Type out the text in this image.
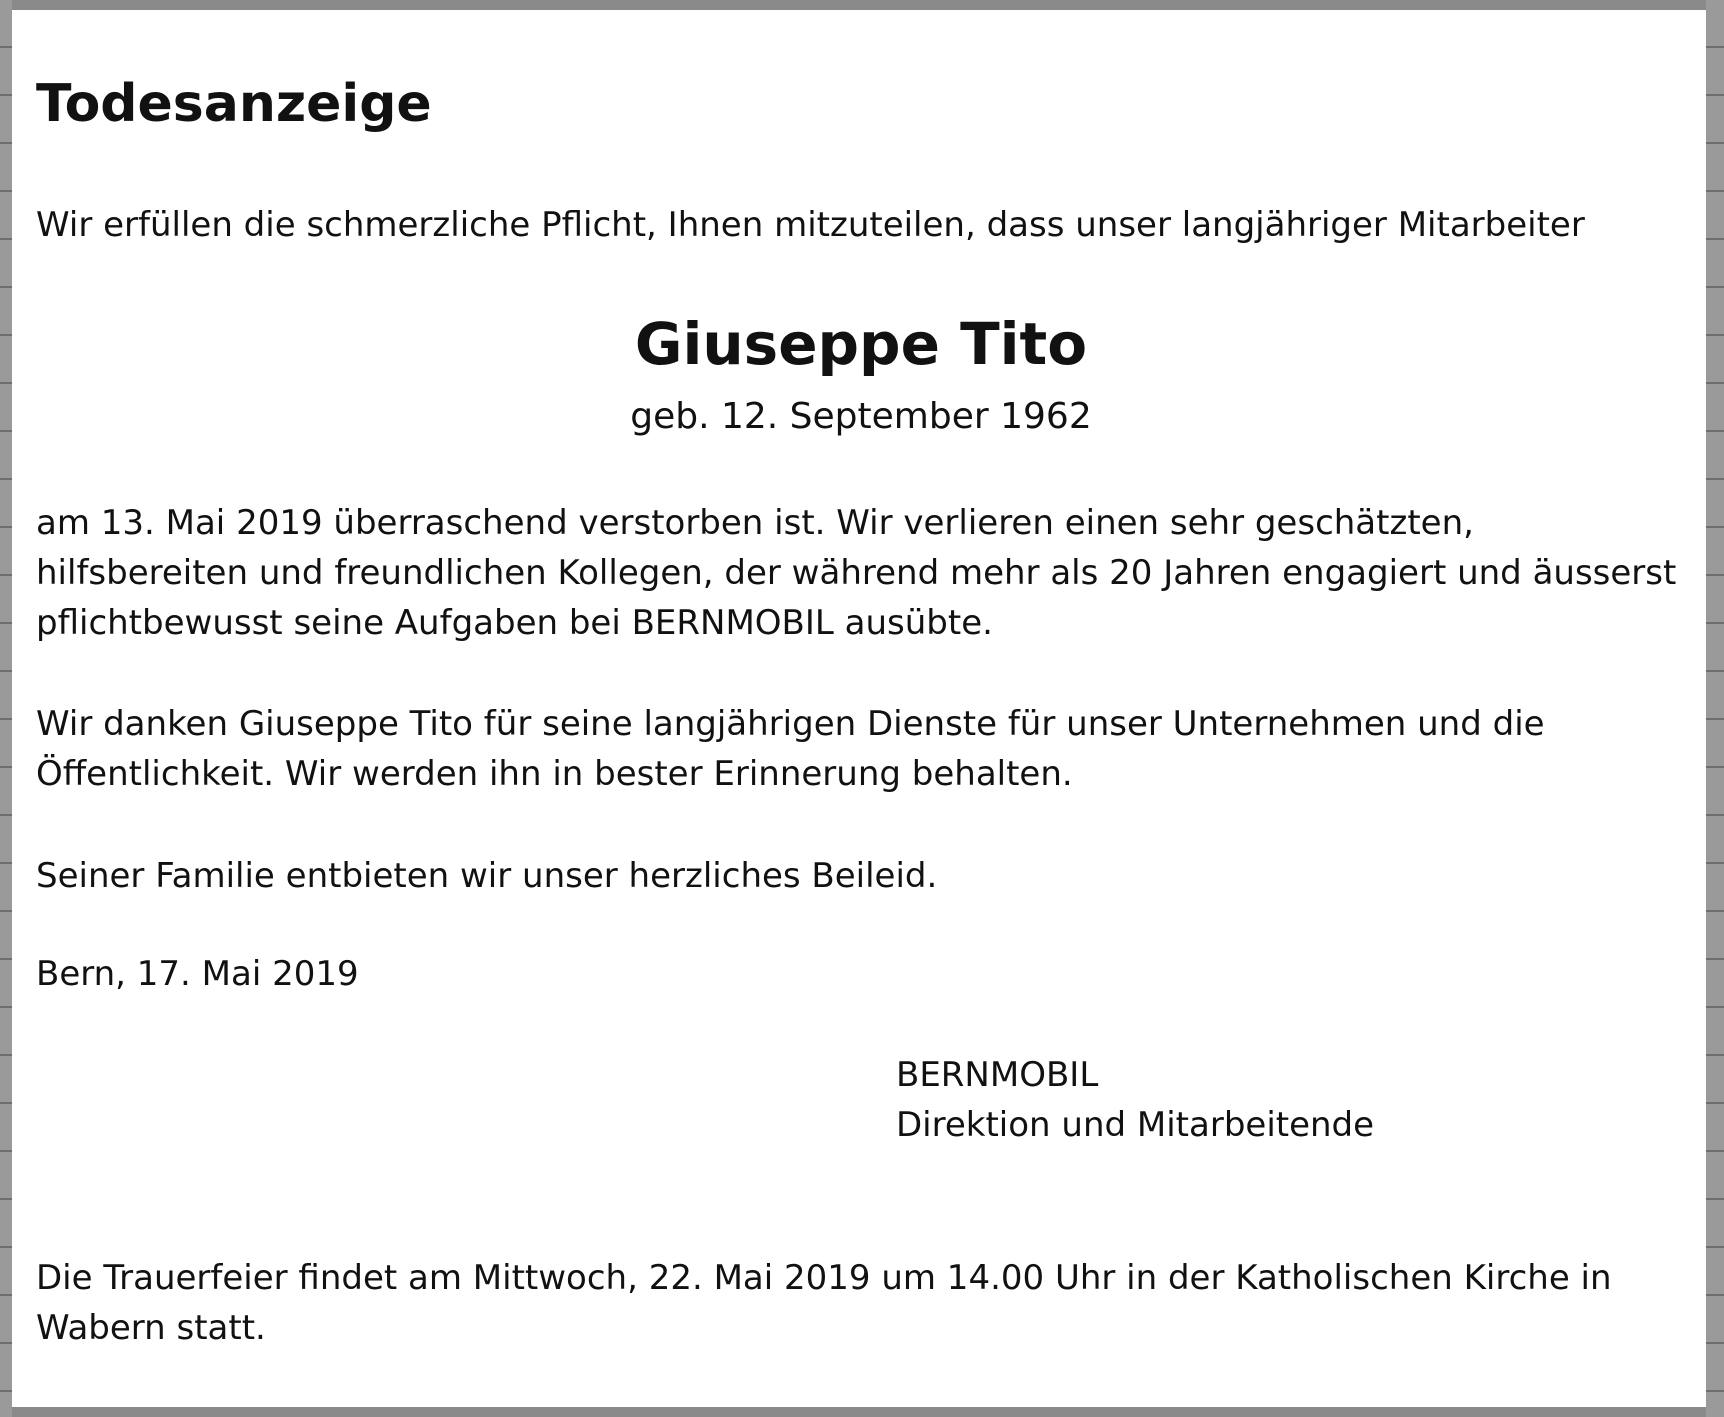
Todesanzeige

Wir erfüllen die schmerzliche Pflicht, Ihnen mitzuteilen, dass unser langjähriger Mitarbeiter

Giuseppe Tito

geb. 12. September 1962

am 13. Mai 2019 überraschend verstorben ist. Wir verlieren einen sehr geschätzten,

hilfsbereiten und freundlichen Kollegen, der während mehr als 20 Jahren engagiert und äusserst

pflichtbewusst seine Aufgaben bei BERNMOBIL ausübte.

Wir danken Giuseppe Tito für seine langjährigen Dienste für unser Unternehmen und die

Öffentlichkeit. Wir werden ihn in bester Erinnerung behalten.

Seiner Familie entbieten wir unser herzliches Beileid.

Bern, 17. Mai 2019

BERNMOBIL

Direktion und Mitarbeitende

Die Trauerfeier findet am Mittwoch, 22. Mai 2019 um 14.00 Uhr in der Katholischen Kirche in

Wabern statt.
